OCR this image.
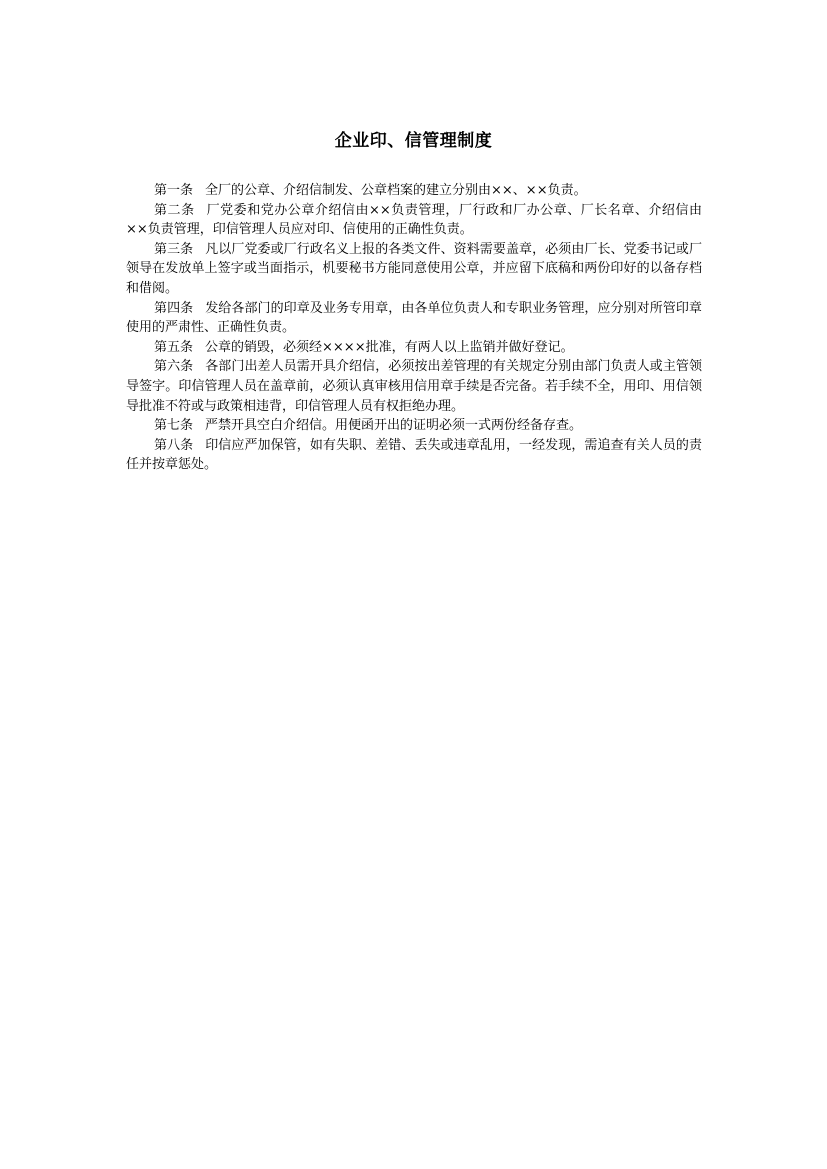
企业印、信管理制度

第一条 全厂的公章、介绍信制发、公章档案的建立分别由××、××负责。

第二条 厂党委和党办公章介绍信由××负责管理，厂行政和厂办公章、厂长名章、介绍信由××负责管理，印信管理人员应对印、信使用的正确性负责。

第三条 凡以厂党委或厂行政名义上报的各类文件、资料需要盖章，必须由厂长、党委书记或厂领导在发放单上签字或当面指示，机要秘书方能同意使用公章，并应留下底稿和两份印好的以备存档和借阅。

第四条 发给各部门的印章及业务专用章，由各单位负责人和专职业务管理，应分别对所管印章使用的严肃性、正确性负责。

第五条 公章的销毁，必须经××××批准，有两人以上监销并做好登记。

第六条 各部门出差人员需开具介绍信，必须按出差管理的有关规定分别由部门负责人或主管领导签字。印信管理人员在盖章前，必须认真审核用信用章手续是否完备。若手续不全，用印、用信领导批准不符或与政策相违背，印信管理人员有权拒绝办理。

第七条 严禁开具空白介绍信。用便函开出的证明必须一式两份经备存查。

第八条 印信应严加保管，如有失职、差错、丢失或违章乱用，一经发现，需追查有关人员的责任并按章惩处。
